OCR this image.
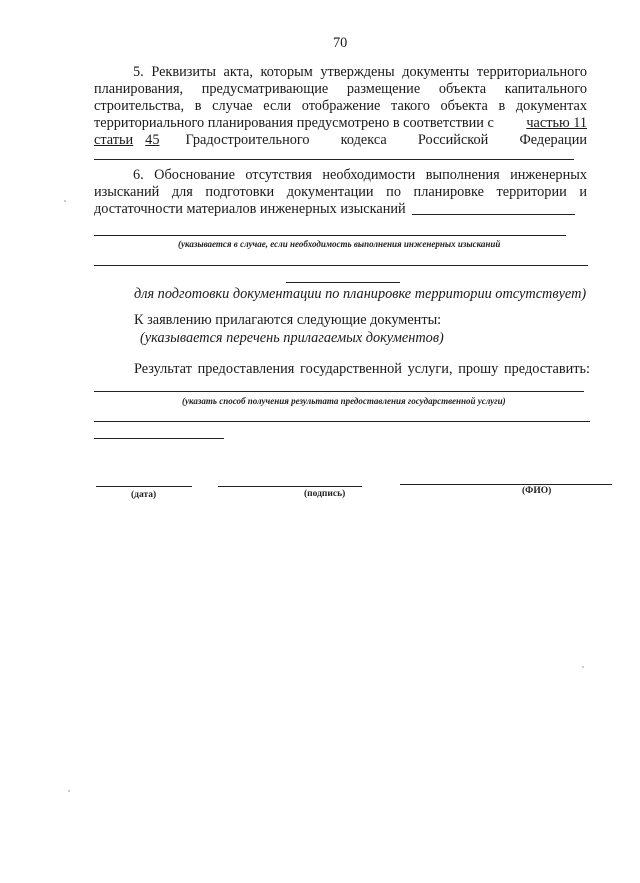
70
5. Реквизиты акта, которым утверждены документы территориального
планирования, предусматривающие размещение объекта капитального
строительства, в случае если отображение такого объекта в документах
территориального планирования предусмотрено в соответствии с частью 11
статьи 45 Градостроительного кодекса Российской Федерации
6. Обоснование отсутствия необходимости выполнения инженерных
изысканий для подготовки документации по планировке территории и
достаточности материалов инженерных изысканий
(указывается в случае, если необходимость выполнения инженерных изысканий
для подготовки документации по планировке территории отсутствует)
К заявлению прилагаются следующие документы:
(указывается перечень прилагаемых документов)
Результат предоставления государственной услуги, прошу предоставить:
(указать способ получения результата предоставления государственной услуги)
(дата)	(подпись)	(ФИО)
